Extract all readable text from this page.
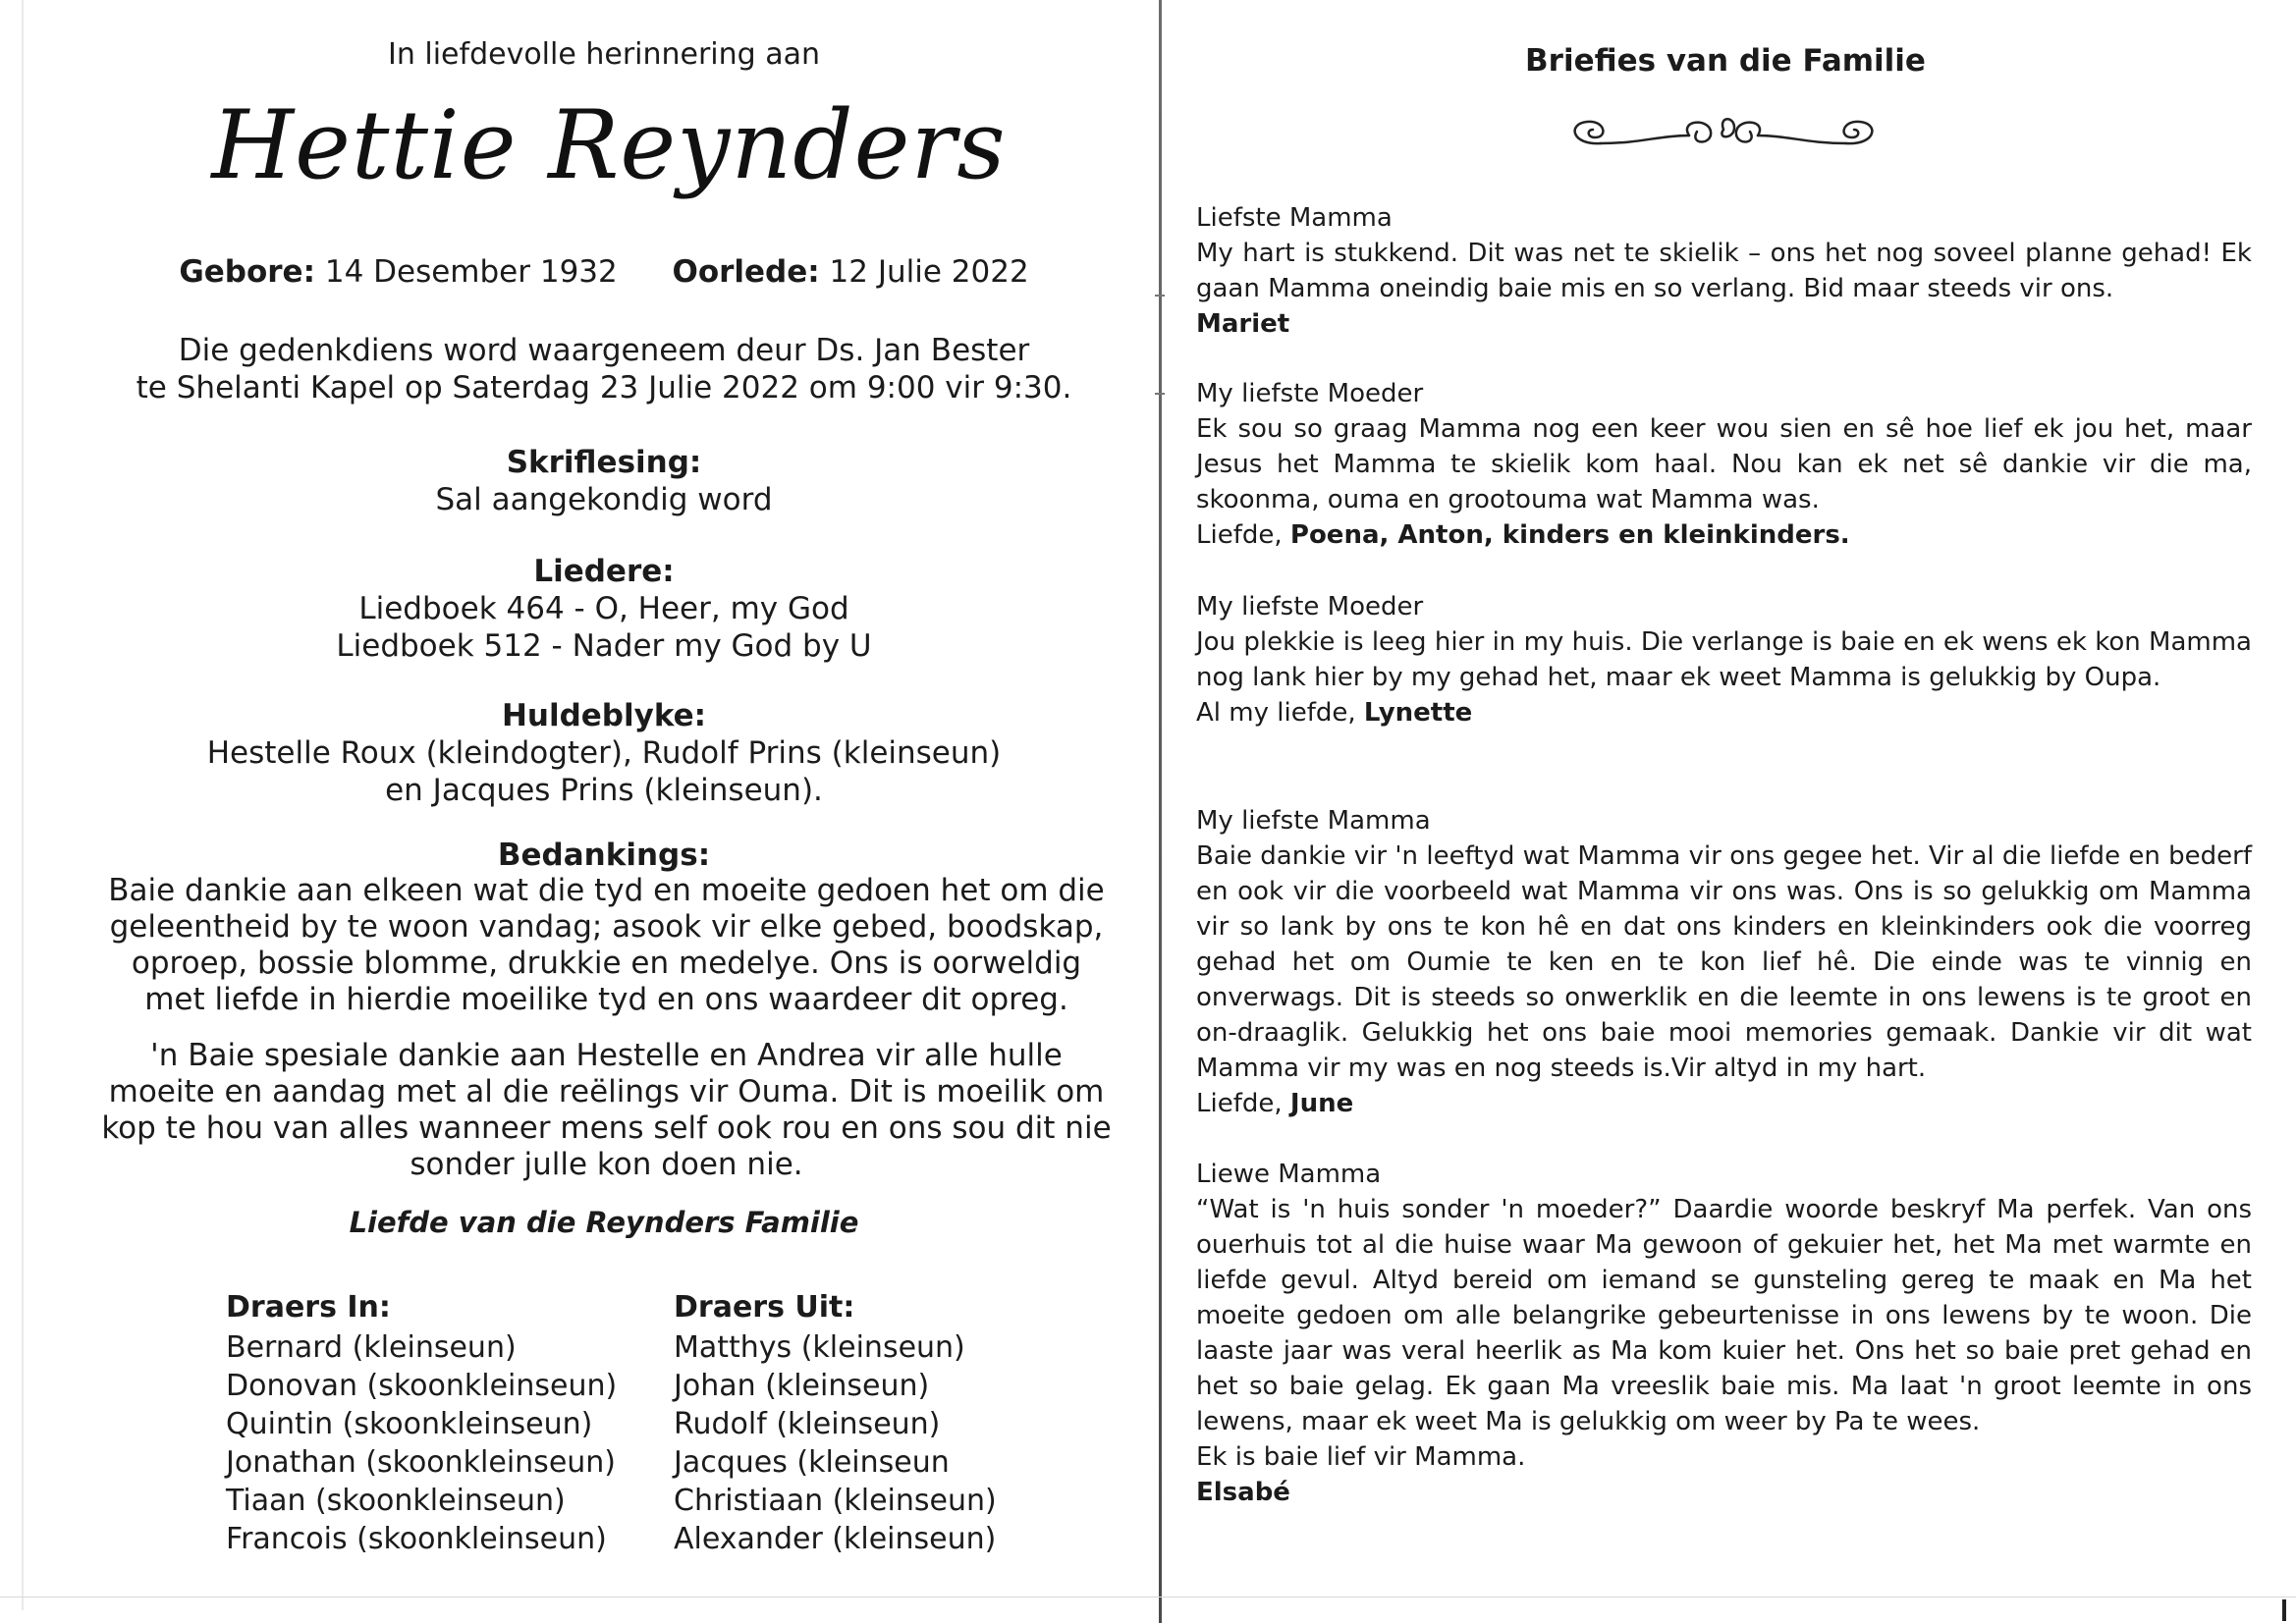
In liefdevolle herinnering aan
Hettie Reynders
Gebore: 14 Desember 1932 Oorlede: 12 Julie 2022
Die gedenkdiens word waargeneem deur Ds. Jan Bester
te Shelanti Kapel op Saterdag 23 Julie 2022 om 9:00 vir 9:30.
Skriflesing:
Sal aangekondig word
Liedere:
Liedboek 464 - O, Heer, my God
Liedboek 512 - Nader my God by U
Huldeblyke:
Hestelle Roux (kleindogter), Rudolf Prins (kleinseun)
en Jacques Prins (kleinseun).
Bedankings:
Baie dankie aan elkeen wat die tyd en moeite gedoen het om die geleentheid by te woon vandag; asook vir elke gebed, boodskap, oproep, bossie blomme, drukkie en medelye. Ons is oorweldig met liefde in hierdie moeilike tyd en ons waardeer dit opreg.
'n Baie spesiale dankie aan Hestelle en Andrea vir alle hulle moeite en aandag met al die reëlings vir Ouma. Dit is moeilik om kop te hou van alles wanneer mens self ook rou en ons sou dit nie sonder julle kon doen nie.
Liefde van die Reynders Familie
Draers In:
Bernard (kleinseun)
Donovan (skoonkleinseun)
Quintin (skoonkleinseun)
Jonathan (skoonkleinseun)
Tiaan (skoonkleinseun)
Francois (skoonkleinseun)
Draers Uit:
Matthys (kleinseun)
Johan (kleinseun)
Rudolf (kleinseun)
Jacques (kleinseun
Christiaan (kleinseun)
Alexander (kleinseun)
Briefies van die Familie
Liefste Mamma
My hart is stukkend. Dit was net te skielik – ons het nog soveel planne gehad! Ek gaan Mamma oneindig baie mis en so verlang. Bid maar steeds vir ons.
Mariet
My liefste Moeder
Ek sou so graag Mamma nog een keer wou sien en sê hoe lief ek jou het, maar Jesus het Mamma te skielik kom haal. Nou kan ek net sê dankie vir die ma, skoonma, ouma en grootouma wat Mamma was.
Liefde, Poena, Anton, kinders en kleinkinders.
My liefste Moeder
Jou plekkie is leeg hier in my huis. Die verlange is baie en ek wens ek kon Mamma nog lank hier by my gehad het, maar ek weet Mamma is gelukkig by Oupa.
Al my liefde, Lynette
My liefste Mamma
Baie dankie vir 'n leeftyd wat Mamma vir ons gegee het. Vir al die liefde en bederf en ook vir die voorbeeld wat Mamma vir ons was. Ons is so gelukkig om Mamma vir so lank by ons te kon hê en dat ons kinders en kleinkinders ook die voorreg gehad het om Oumie te ken en te kon lief hê. Die einde was te vinnig en onverwags. Dit is steeds so onwerklik en die leemte in ons lewens is te groot en on-draaglik. Gelukkig het ons baie mooi memories gemaak. Dankie vir dit wat Mamma vir my was en nog steeds is.Vir altyd in my hart.
Liefde, June
Liewe Mamma
“Wat is 'n huis sonder 'n moeder?” Daardie woorde beskryf Ma perfek. Van ons ouerhuis tot al die huise waar Ma gewoon of gekuier het, het Ma met warmte en liefde gevul. Altyd bereid om iemand se gunsteling gereg te maak en Ma het moeite gedoen om alle belangrike gebeurtenisse in ons lewens by te woon. Die laaste jaar was veral heerlik as Ma kom kuier het. Ons het so baie pret gehad en het so baie gelag. Ek gaan Ma vreeslik baie mis. Ma laat 'n groot leemte in ons lewens, maar ek weet Ma is gelukkig om weer by Pa te wees.
Ek is baie lief vir Mamma.
Elsabé
